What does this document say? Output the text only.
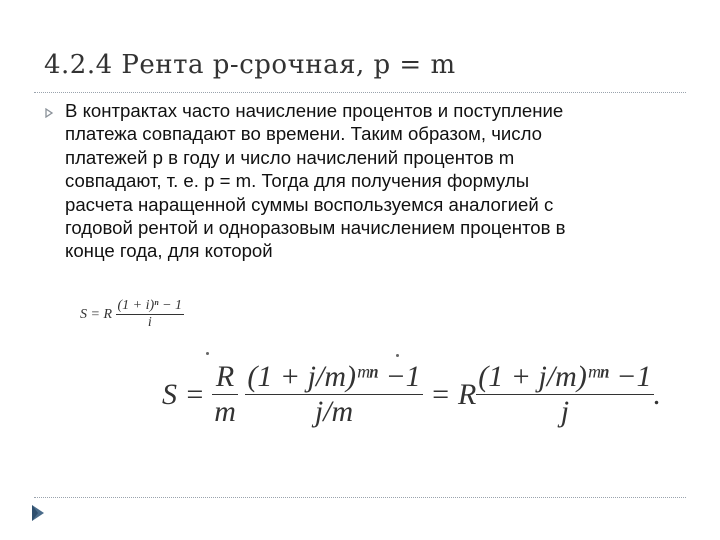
4.2.4 Рента р-срочная, р = m
В контрактах часто начисление процентов и поступление
платежа совпадают во времени. Таким образом, число
платежей р в году и число начислений процентов m
совпадают, т. е. р = m. Тогда для получения формулы
расчета наращенной суммы воспользуемся аналогией с
годовой рентой и одноразовым начислением процентов в
конце года, для которой
S = R $\frac{\text{(1 + i)ⁿ − 1}}{i}$
$S = \frac{R}{m}$
$\frac{\text{(1 + j/m)ᵐⁿ −1}}{j/m} = R \frac{\text{(1 + j/m)ᵐⁿ −1}}{j}$ .
